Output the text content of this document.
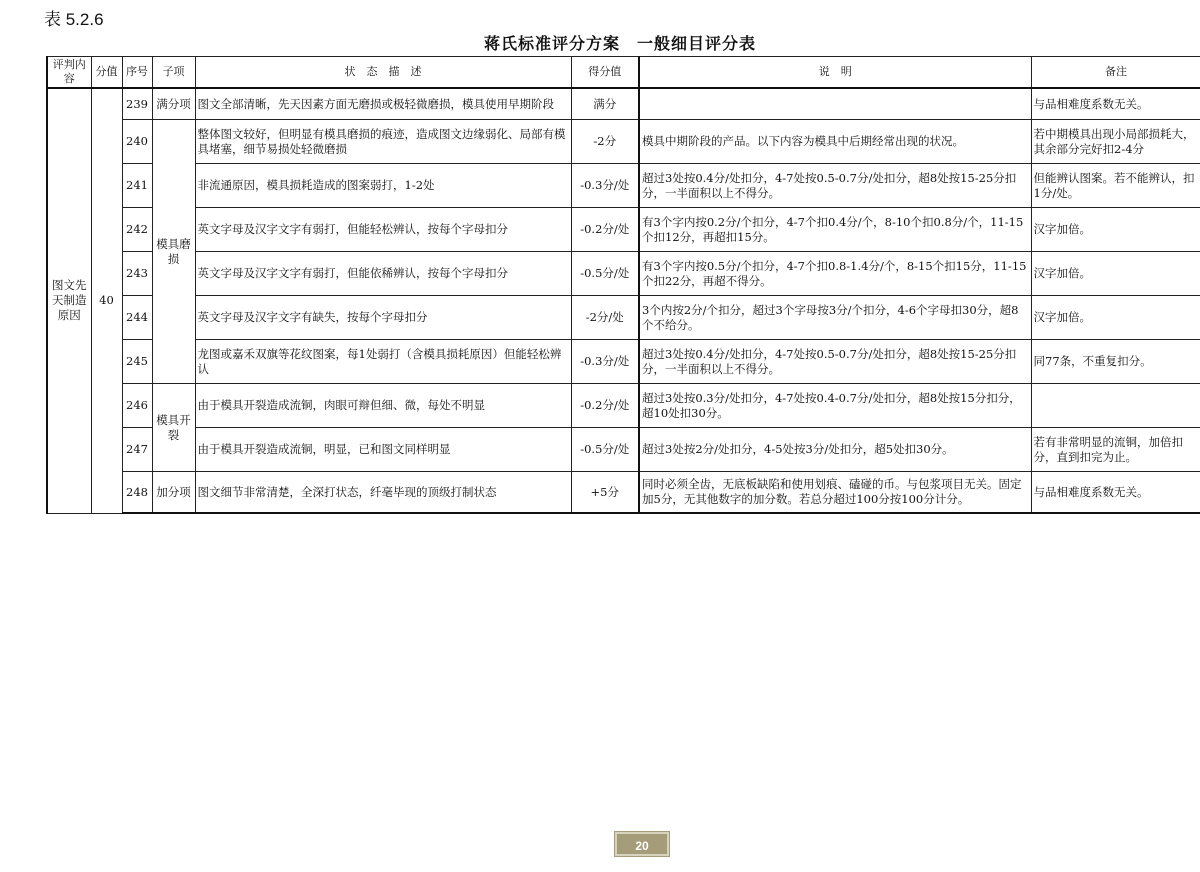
表 5.2.6
蒋氏标准评分方案　一般细目评分表
评判内容	分值	序号	子项	状　态　描　述	得分值	说　明	备注
图文先天制造原因	40	239	满分项	图文全部清晰，先天因素方面无磨损或极轻微磨损，模具使用早期阶段	满分		与品相难度系数无关。
		240	模具磨损	整体图文较好，但明显有模具磨损的痕迹，造成图文边缘弱化、局部有模具堵塞，细节易损处轻微磨损	-2分	模具中期阶段的产品。以下内容为模具中后期经常出现的状况。	若中期模具出现小局部损耗大，其余部分完好扣2-4分
		241		非流通原因，模具损耗造成的图案弱打，1-2处	-0.3分/处	超过3处按0.4分/处扣分，4-7处按0.5-0.7分/处扣分，超8处按15-25分扣分，一半面积以上不得分。	但能辨认图案。若不能辨认，扣1分/处。
		242		英文字母及汉字文字有弱打，但能轻松辨认，按每个字母扣分	-0.2分/处	有3个字内按0.2分/个扣分，4-7个扣0.4分/个，8-10个扣0.8分/个，11-15个扣12分，再超扣15分。	汉字加倍。
		243		英文字母及汉字文字有弱打，但能依稀辨认，按每个字母扣分	-0.5分/处	有3个字内按0.5分/个扣分，4-7个扣0.8-1.4分/个，8-15个扣15分，11-15个扣22分，再超不得分。	汉字加倍。
		244		英文字母及汉字文字有缺失，按每个字母扣分	-2分/处	3个内按2分/个扣分，超过3个字母按3分/个扣分，4-6个字母扣30分，超8个不给分。	汉字加倍。
		245		龙图或嘉禾双旗等花纹图案，每1处弱打（含模具损耗原因）但能轻松辨认	-0.3分/处	超过3处按0.4分/处扣分，4-7处按0.5-0.7分/处扣分，超8处按15-25分扣分，一半面积以上不得分。	同77条，不重复扣分。
		246	模具开裂	由于模具开裂造成流铜，肉眼可辩但细、微，每处不明显	-0.2分/处	超过3处按0.3分/处扣分，4-7处按0.4-0.7分/处扣分，超8处按15分扣分，超10处扣30分。	
		247		由于模具开裂造成流铜，明显，已和图文同样明显	-0.5分/处	超过3处按2分/处扣分，4-5处按3分/处扣分，超5处扣30分。	若有非常明显的流铜，加倍扣分，直到扣完为止。
		248	加分项	图文细节非常清楚，全深打状态，纤毫毕现的顶级打制状态	+5分	同时必须全齿，无底板缺陷和使用划痕、磕碰的币。与包浆项目无关。固定加5分，无其他数字的加分数。若总分超过100分按100分计分。	与品相难度系数无关。
20
